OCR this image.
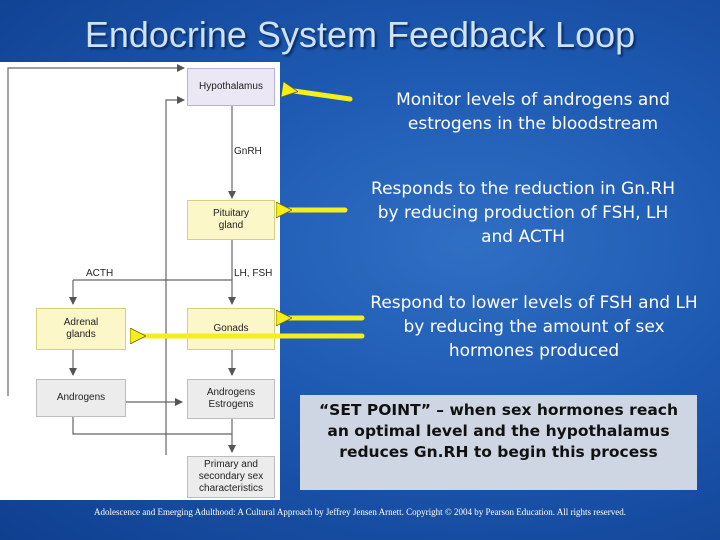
Endocrine System Feedback Loop
Hypothalamus
Pituitary gland
Adrenal glands
Gonads
Androgens	Androgens Estrogens
Primary and secondary sex characteristics
GnRH
ACTH	LH, FSH
Monitor levels of androgens and estrogens in the bloodstream
Responds to the reduction in Gn.RH by reducing production of FSH, LH and ACTH
Respond to lower levels of FSH and LH by reducing the amount of sex hormones produced
“SET POINT” – when sex hormones reach an optimal level and the hypothalamus reduces Gn.RH to begin this process
Adolescence and Emerging Adulthood: A Cultural Approach by Jeffrey Jensen Arnett. Copyright © 2004 by Pearson Education. All rights reserved.
